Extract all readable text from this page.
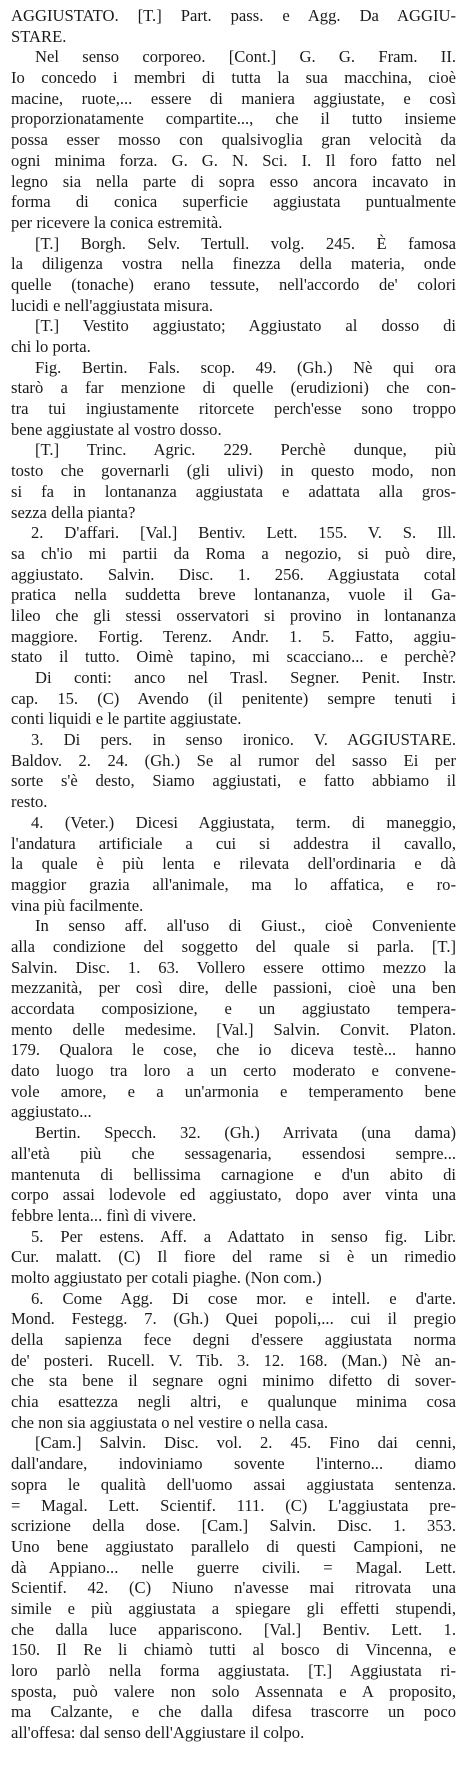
AGGIUSTATO. [T.] Part. pass. e Agg. Da AGGIU-
STARE.
Nel senso corporeo. [Cont.] G. G. Fram. II.
Io concedo i membri di tutta la sua macchina, cioè
macine, ruote,... essere di maniera aggiustate, e così
proporzionatamente compartite..., che il tutto insieme
possa esser mosso con qualsivoglia gran velocità da
ogni minima forza. G. G. N. Sci. I. Il foro fatto nel
legno sia nella parte di sopra esso ancora incavato in
forma di conica superficie aggiustata puntualmente
per ricevere la conica estremità.
[T.] Borgh. Selv. Tertull. volg. 245. È famosa
la diligenza vostra nella finezza della materia, onde
quelle (tonache) erano tessute, nell'accordo de' colori
lucidi e nell'aggiustata misura.
[T.] Vestito aggiustato; Aggiustato al dosso di
chi lo porta.
Fig. Bertin. Fals. scop. 49. (Gh.) Nè qui ora
starò a far menzione di quelle (erudizioni) che con-
tra tui ingiustamente ritorcete perch'esse sono troppo
bene aggiustate al vostro dosso.
[T.] Trinc. Agric. 229. Perchè dunque, più
tosto che governarli (gli ulivi) in questo modo, non
si fa in lontananza aggiustata e adattata alla gros-
sezza della pianta?
2. D'affari. [Val.] Bentiv. Lett. 155. V. S. Ill.
sa ch'io mi partii da Roma a negozio, si può dire,
aggiustato. Salvin. Disc. 1. 256. Aggiustata cotal
pratica nella suddetta breve lontananza, vuole il Ga-
lileo che gli stessi osservatori si provino in lontananza
maggiore. Fortig. Terenz. Andr. 1. 5. Fatto, aggiu-
stato il tutto. Oimè tapino, mi scacciano... e perchè?
Di conti: anco nel Trasl. Segner. Penit. Instr.
cap. 15. (C) Avendo (il penitente) sempre tenuti i
conti liquidi e le partite aggiustate.
3. Di pers. in senso ironico. V. AGGIUSTARE.
Baldov. 2. 24. (Gh.) Se al rumor del sasso Ei per
sorte s'è desto, Siamo aggiustati, e fatto abbiamo il
resto.
4. (Veter.) Dicesi Aggiustata, term. di maneggio,
l'andatura artificiale a cui si addestra il cavallo,
la quale è più lenta e rilevata dell'ordinaria e dà
maggior grazia all'animale, ma lo affatica, e ro-
vina più facilmente.
In senso aff. all'uso di Giust., cioè Conveniente
alla condizione del soggetto del quale si parla. [T.]
Salvin. Disc. 1. 63. Vollero essere ottimo mezzo la
mezzanità, per così dire, delle passioni, cioè una ben
accordata composizione, e un aggiustato tempera-
mento delle medesime. [Val.] Salvin. Convit. Platon.
179. Qualora le cose, che io diceva testè... hanno
dato luogo tra loro a un certo moderato e convene-
vole amore, e a un'armonia e temperamento bene
aggiustato...
Bertin. Specch. 32. (Gh.) Arrivata (una dama)
all'età più che sessagenaria, essendosi sempre...
mantenuta di bellissima carnagione e d'un abito di
corpo assai lodevole ed aggiustato, dopo aver vinta una
febbre lenta... finì di vivere.
5. Per estens. Aff. a Adattato in senso fig. Libr.
Cur. malatt. (C) Il fiore del rame si è un rimedio
molto aggiustato per cotali piaghe. (Non com.)
6. Come Agg. Di cose mor. e intell. e d'arte.
Mond. Festegg. 7. (Gh.) Quei popoli,... cui il pregio
della sapienza fece degni d'essere aggiustata norma
de' posteri. Rucell. V. Tib. 3. 12. 168. (Man.) Nè an-
che sta bene il segnare ogni minimo difetto di sover-
chia esattezza negli altri, e qualunque minima cosa
che non sia aggiustata o nel vestire o nella casa.
[Cam.] Salvin. Disc. vol. 2. 45. Fino dai cenni,
dall'andare, indoviniamo sovente l'interno... diamo
sopra le qualità dell'uomo assai aggiustata sentenza.
= Magal. Lett. Scientif. 111. (C) L'aggiustata pre-
scrizione della dose. [Cam.] Salvin. Disc. 1. 353.
Uno bene aggiustato parallelo di questi Campioni, ne
dà Appiano... nelle guerre civili. = Magal. Lett.
Scientif. 42. (C) Niuno n'avesse mai ritrovata una
simile e più aggiustata a spiegare gli effetti stupendi,
che dalla luce appariscono. [Val.] Bentiv. Lett. 1.
150. Il Re li chiamò tutti al bosco di Vincenna, e
loro parlò nella forma aggiustata. [T.] Aggiustata ri-
sposta, può valere non solo Assennata e A proposito,
ma Calzante, e che dalla difesa trascorre un poco
all'offesa: dal senso dell'Aggiustare il colpo.
